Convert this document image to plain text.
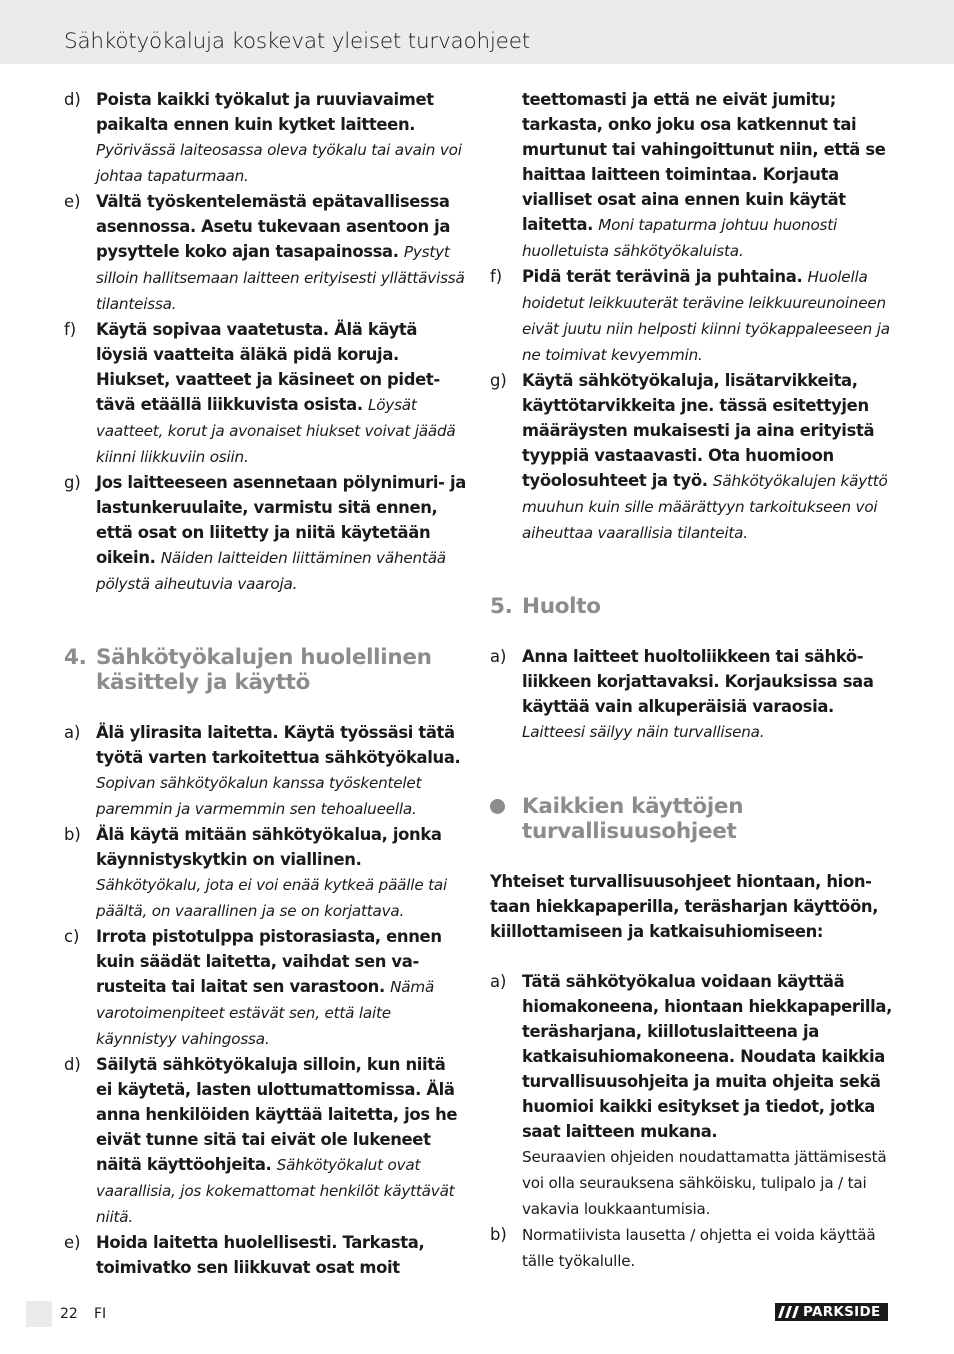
Sähkötyökaluja koskevat yleiset turvaohjeet
d) Poista kaikki työkalut ja ruuviavaimet paikalta ennen kuin kytket laitteen.
Pyörivässä laiteosassa oleva työkalu tai avain voi johtaa tapaturmaan.
e) Vältä työskentelemästä epätavallisessa asennossa. Asetu tukevaan asentoon ja pysyttele koko ajan tasapainossa. Pystyt silloin hallitsemaan laitteen erityisesti yllättävissä tilanteissa.
f)	Käytä sopivaa vaatetusta. Älä käytä löysiä vaatteita äläkä pidä koruja. Hiukset, vaatteet ja käsineet on pidettävä etäällä liikkuvista osista. Löysät vaatteet, korut ja avonaiset hiukset voivat jäädä kiinni liikkuviin osiin.
g) Jos laitteeseen asennetaan pölynimuri- ja lastunkeruulaite, varmistu sitä ennen, että osat on liitetty ja niitä käytetään oikein. Näiden laitteiden liittäminen vähentää pölystä aiheutuvia vaaroja.
4. Sähkötyökalujen huolellinen käsittely ja käyttö
a) Älä ylirasita laitetta. Käytä työssäsi tätä työtä varten tarkoitettua sähkötyökalua. Sopivan sähkötyökalun kanssa työskentelet paremmin ja varmemmin sen tehoalueella.
b) Älä käytä mitään sähkötyökalua, jonka käynnistyskytkin on viallinen.
Sähkötyökalu, jota ei voi enää kytkeä päälle tai päältä, on vaarallinen ja se on korjattava.
c)	Irrota pistotulppa pistorasiasta, ennen kuin säädät laitetta, vaihdat sen varusteita tai laitat sen varastoon. Nämä varotoimenpiteet estävät sen, että laite käynnistyy vahingossa.
d) Säilytä sähkötyökaluja silloin, kun niitä ei käytetä, lasten ulottumattomissa. Älä anna henkilöiden käyttää laitetta, jos he eivät tunne sitä tai eivät ole lukeneet näitä käyttöohjeita. Sähkötyökalut ovat vaarallisia, jos kokemattomat henkilöt käyttävät niitä.
e) Hoida laitetta huolellisesti. Tarkasta, toimivatko sen liikkuvat osat moit
teettomasti ja että ne eivät jumitu; tarkasta, onko joku osa katkennut tai murtunut tai vahingoittunut niin, että se haittaa laitteen toimintaa. Korjauta vialliset osat aina ennen kuin käytät laitetta. Moni tapaturma johtuu huonosti huolletuista sähkötyökaluista.
f)	Pidä terät terävinä ja puhtaina. Huolella hoidetut leikkuuterät terävine leikkuureunoineen eivät juutu niin helposti kiinni työkappaleeseen ja ne toimivat kevyemmin.
g) Käytä sähkötyökaluja, lisätarvikkeita, käyttötarvikkeita jne. tässä esitettyjen määräysten mukaisesti ja aina erityistä tyyppiä vastaavasti. Ota huomioon työolosuhteet ja työ. Sähkötyökalujen käyttö muuhun kuin sille määrättyyn tarkoitukseen voi aiheuttaa vaarallisia tilanteita.
5. Huolto
a) Anna laitteet huoltoliikkeen tai sähköliikkeen korjattavaksi. Korjauksissa saa käyttää vain alkuperäisiä varaosia.
Laitteesi säilyy näin turvallisena.
Kaikkien käyttöjen turvallisuusohjeet
Yhteiset turvallisuusohjeet hiontaan, hiontaan hiekkapaperilla, teräsharjan käyttöön, kiillottamiseen ja katkaisuhiomiseen:
a) Tätä sähkötyökalua voidaan käyttää hiomakoneena, hiontaan hiekkapaperilla, teräsharjana, kiillotuslaitteena ja katkaisuhiomakoneena. Noudata kaikkia turvallisuusohjeita ja muita ohjeita sekä huomioi kaikki esitykset ja tiedot, jotka saat laitteen mukana.
Seuraavien ohjeiden noudattamatta jättämisestä voi olla seurauksena sähköisku, tulipalo ja / tai vakavia loukkaantumisia.
b) Normatiivista lausetta / ohjetta ei voida käyttää tälle työkalulle.
22 FI	PARKSIDE
